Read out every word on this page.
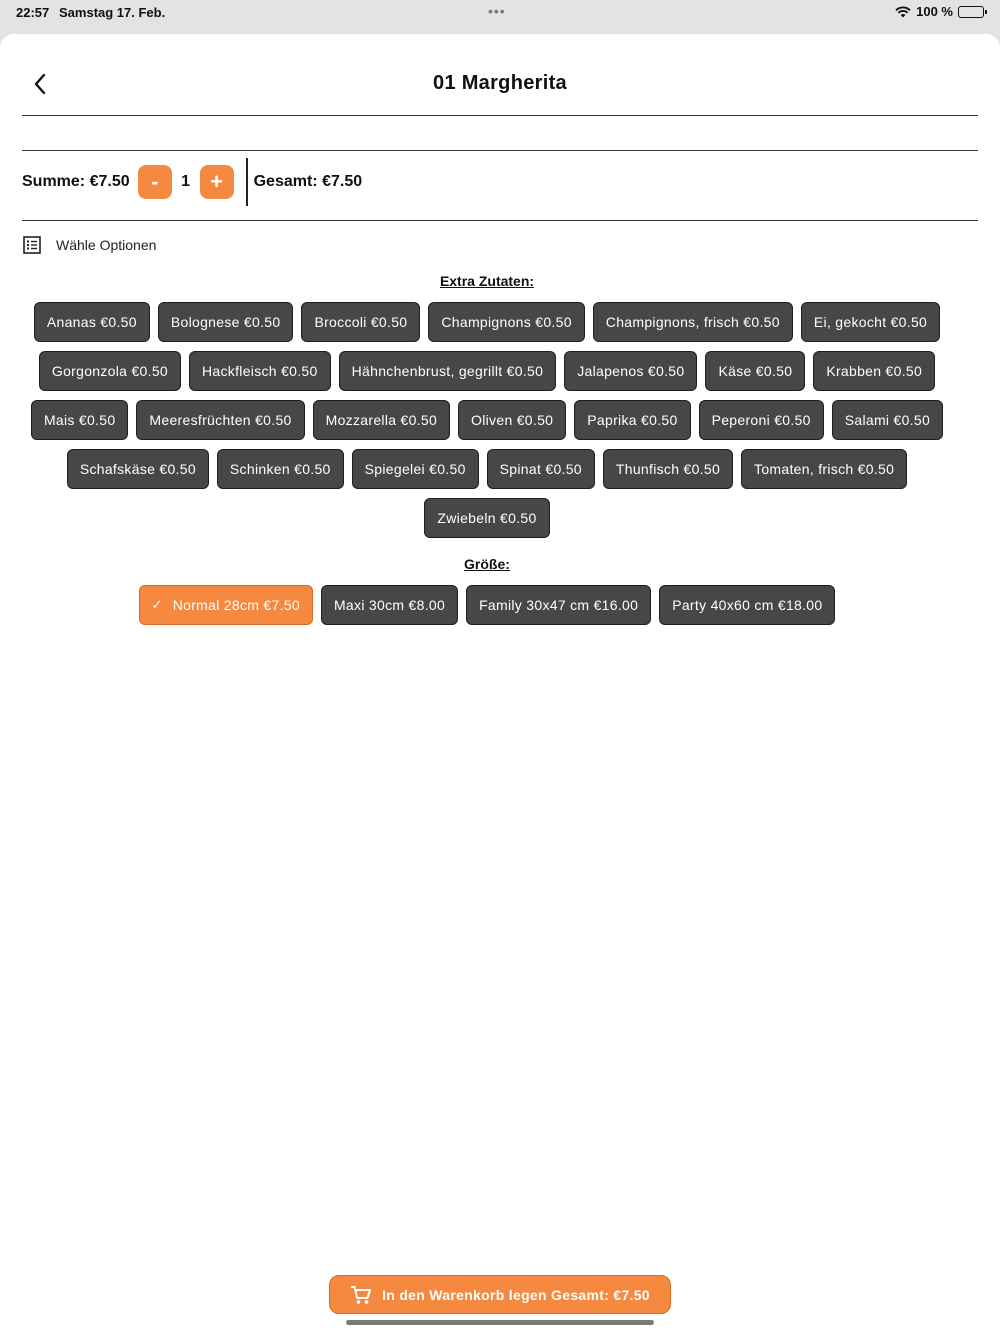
22:57 Samstag 17. Feb.	•••	100 %
01 Margherita
Summe: €7.50 -	1 +	Gesamt: €7.50
Wähle Optionen
Extra Zutaten:
Ananas €0.50	Bolognese €0.50	Broccoli €0.50	Champignons €0.50	Champignons, frisch €0.50	Ei, gekocht €0.50
Gorgonzola €0.50	Hackfleisch €0.50	Hähnchenbrust, gegrillt €0.50	Jalapenos €0.50	Käse €0.50	Krabben €0.50
Mais €0.50	Meeresfrüchten €0.50	Mozzarella €0.50	Oliven €0.50	Paprika €0.50	Peperoni €0.50	Salami €0.50
Schafskäse €0.50	Schinken €0.50	Spiegelei €0.50	Spinat €0.50	Thunfisch €0.50	Tomaten, frisch €0.50
Zwiebeln €0.50
Größe:
✓ Normal 28cm €7.50 Maxi 30cm €8.00 Family 30x47 cm €16.00 Party 40x60 cm €18.00
In den Warenkorb legen Gesamt: €7.50
